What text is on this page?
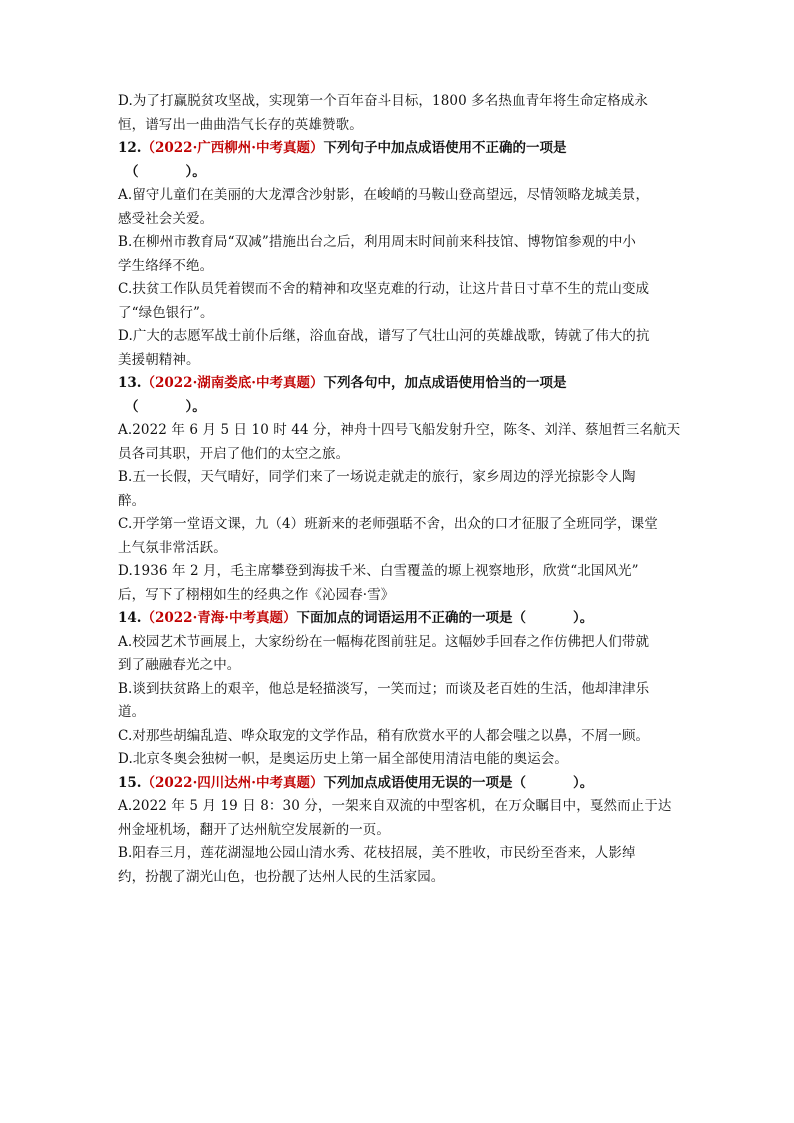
D.为了打赢脱贫攻坚战，实现第一个百年奋斗目标，1800 多名热血青年将生命定格成永
恒，谱写出一曲曲浩气长存的英雄赞歌。
12.（2022·广西柳州·中考真题）下列句子中加点成语使用不正确的一项是
（          ）。
A.留守儿童们在美丽的大龙潭含沙射影，在峻峭的马鞍山登高望远，尽情领略龙城美景，
感受社会关爱。
B.在柳州市教育局“双减”措施出台之后，利用周末时间前来科技馆、博物馆参观的中小
学生络绎不绝。
C.扶贫工作队员凭着锲而不舍的精神和攻坚克难的行动，让这片昔日寸草不生的荒山变成
了“绿色银行”。
D.广大的志愿军战士前仆后继，浴血奋战，谱写了气壮山河的英雄战歌，铸就了伟大的抗
美援朝精神。
13.（2022·湖南娄底·中考真题）下列各句中，加点成语使用恰当的一项是
（          ）。
A.2022 年 6 月 5 日 10 时 44 分，神舟十四号飞船发射升空，陈冬、刘洋、蔡旭哲三名航天
员各司其职，开启了他们的太空之旅。
B.五一长假，天气晴好，同学们来了一场说走就走的旅行，家乡周边的浮光掠影令人陶
醉。
C.开学第一堂语文课，九（4）班新来的老师强聒不舍，出众的口才征服了全班同学，课堂
上气氛非常活跃。
D.1936 年 2 月，毛主席攀登到海拔千米、白雪覆盖的塬上视察地形，欣赏“北国风光”
后，写下了栩栩如生的经典之作《沁园春·雪》
14.（2022·青海·中考真题）下面加点的词语运用不正确的一项是（          ）。
A.校园艺术节画展上，大家纷纷在一幅梅花图前驻足。这幅妙手回春之作仿佛把人们带就
到了融融春光之中。
B.谈到扶贫路上的艰辛，他总是轻描淡写，一笑而过；而谈及老百姓的生活，他却津津乐
道。
C.对那些胡编乱造、哗众取宠的文学作品，稍有欣赏水平的人都会嗤之以鼻，不屑一顾。
D.北京冬奥会独树一帜，是奥运历史上第一届全部使用清洁电能的奥运会。
15.（2022·四川达州·中考真题）下列加点成语使用无误的一项是（          ）。
A.2022 年 5 月 19 日 8：30 分，一架来自双流的中型客机，在万众瞩目中，戛然而止于达
州金垭机场，翻开了达州航空发展新的一页。
B.阳春三月，莲花湖湿地公园山清水秀、花枝招展，美不胜收，市民纷至沓来，人影绰
约，扮靓了湖光山色，也扮靓了达州人民的生活家园。
